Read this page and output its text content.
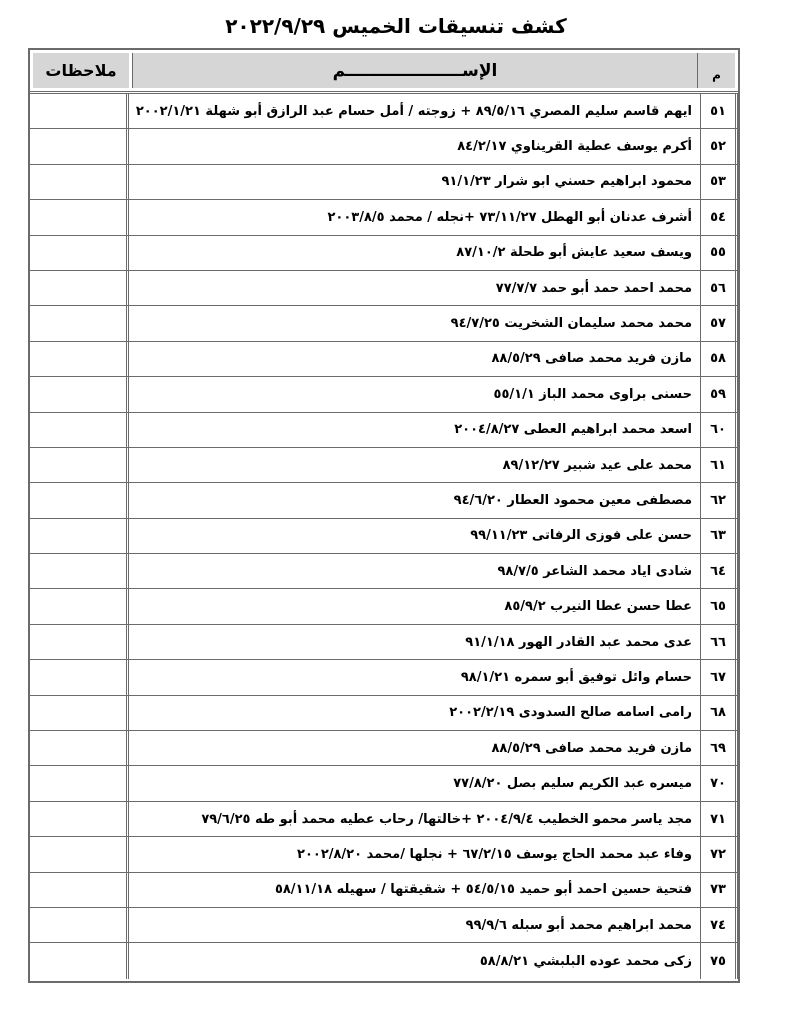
كشف تنسيقات الخميس ٢٠٢٢/٩/٢٩
م
الإســــــــــــــــــــم
ملاحظات
٥١
ايهم قاسم سليم المصري ٨٩/٥/١٦ + زوجته / أمل حسام عبد الرازق أبو شهلة ٢٠٠٢/١/٢١
٥٢
أكرم يوسف عطية القريناوي ٨٤/٢/١٧
٥٣
محمود ابراهيم حسني ابو شرار ٩١/١/٢٣
٥٤
أشرف عدنان أبو الهطل ٧٣/١١/٢٧ +نجله / محمد ٢٠٠٣/٨/٥
٥٥
ويسف سعيد عايش أبو طحلة ٨٧/١٠/٢
٥٦
محمد احمد حمد أبو حمد ٧٧/٧/٧
٥٧
محمد محمد سليمان الشخريت ٩٤/٧/٢٥
٥٨
مازن فريد محمد صافى ٨٨/٥/٢٩
٥٩
حسنى براوى محمد الباز ٥٥/١/١
٦٠
اسعد محمد ابراهيم العطى ٢٠٠٤/٨/٢٧
٦١
محمد على عيد شبير ٨٩/١٢/٢٧
٦٢
مصطفى معين محمود العطار ٩٤/٦/٢٠
٦٣
حسن على فوزى الرفاتى ٩٩/١١/٢٣
٦٤
شادى اياد محمد الشاعر ٩٨/٧/٥
٦٥
عطا حسن عطا النيرب ٨٥/٩/٢
٦٦
عدى محمد عبد القادر الهور ٩١/١/١٨
٦٧
حسام وائل توفيق أبو سمره ٩٨/١/٢١
٦٨
رامى اسامه صالح السدودى ٢٠٠٢/٢/١٩
٦٩
مازن فريد محمد صافى ٨٨/٥/٢٩
٧٠
ميسره عبد الكريم سليم بصل ٧٧/٨/٢٠
٧١
مجد ياسر محمو الخطيب ٢٠٠٤/٩/٤ +خالتها/ رحاب عطيه محمد أبو طه ٧٩/٦/٢٥
٧٢
وفاء عبد محمد الحاج يوسف ٦٧/٢/١٥ + نجلها /محمد ٢٠٠٢/٨/٢٠
٧٣
فتحية حسين احمد أبو حميد ٥٤/٥/١٥ + شقيقتها / سهيله ٥٨/١١/١٨
٧٤
محمد ابراهيم محمد أبو سبله ٩٩/٩/٦
٧٥
زكى محمد عوده البلبشي ٥٨/٨/٢١
